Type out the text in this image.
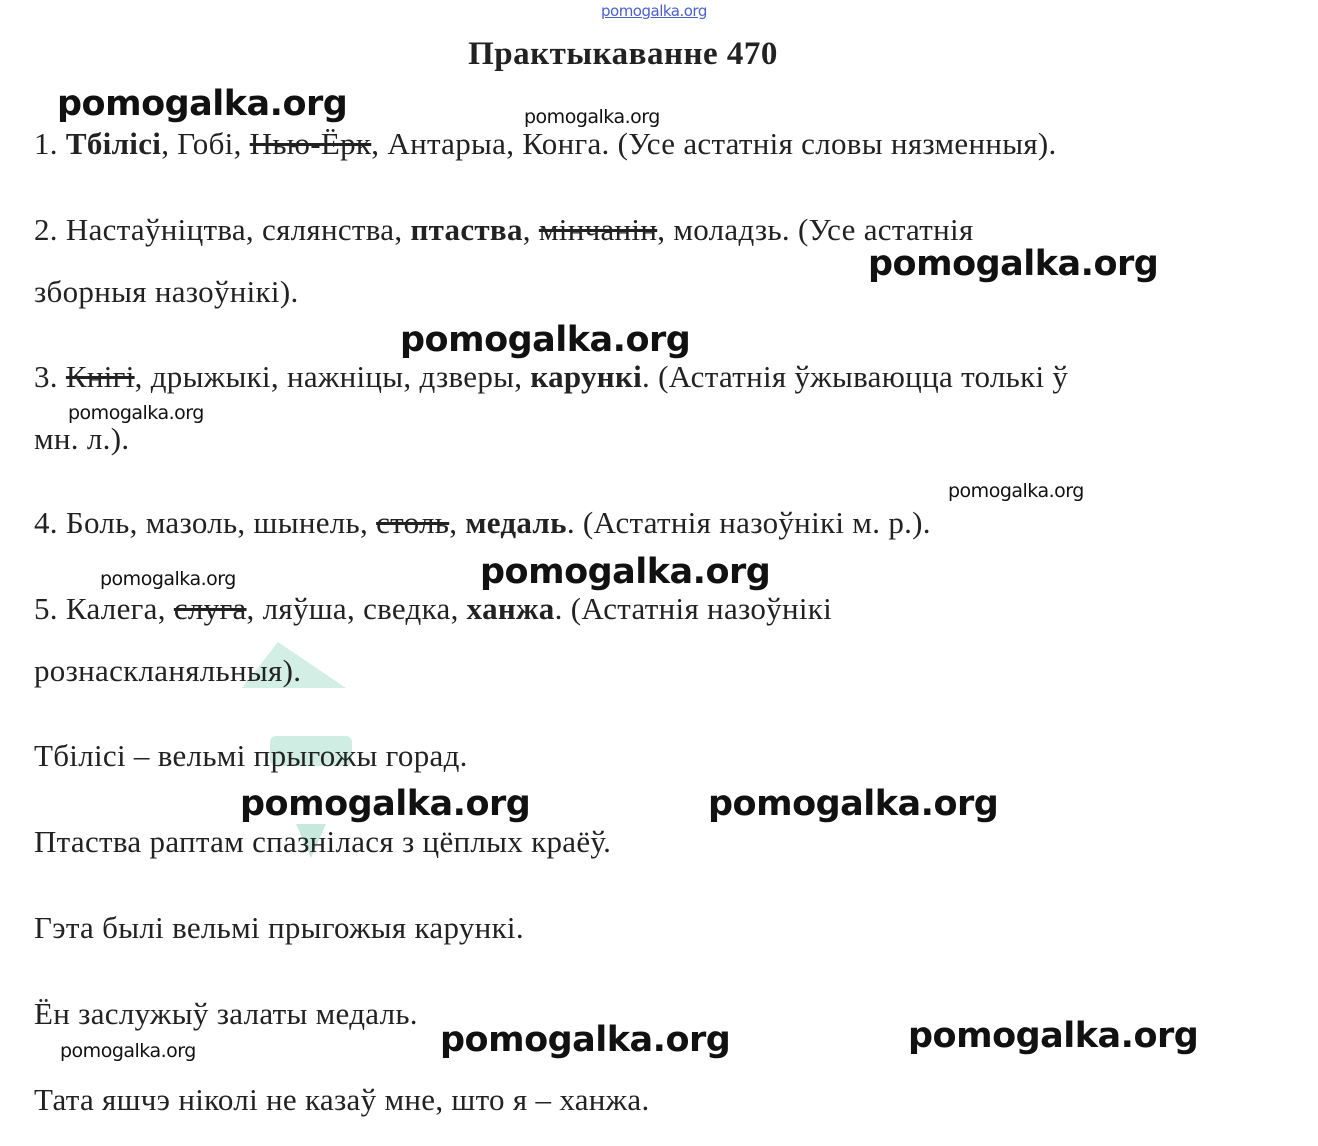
pomogalka.org
Практыкаванне 470
1. Тбілісі, Гобі, Нью-Ёрк, Антарыа, Конга. (Усе астатнія словы нязменныя).
2. Настаўніцтва, сялянства, птаства, мінчанін, моладзь. (Усе астатнія
зборныя назоўнікі).
3. Кнігі, дрыжыкі, нажніцы, дзверы, карункі. (Астатнія ўжываюцца толькі ў
мн. л.).
4. Боль, мазоль, шынель, столь, медаль. (Астатнія назоўнікі м. р.).
5. Калега, слуга, ляўша, сведка, ханжа. (Астатнія назоўнікі
рознаскланяльныя).
Тбілісі – вельмі прыгожы горад.
Птаства раптам спазнілася з цёплых краёў.
Гэта былі вельмі прыгожыя карункі.
Ён заслужыў залаты медаль.
Тата яшчэ ніколі не казаў мне, што я – ханжа.
pomogalka.org	pomogalka.org
pomogalka.org
pomogalka.org
pomogalka.org
pomogalka.org
pomogalka.org	pomogalka.org
pomogalka.org	pomogalka.org
pomogalka.org	pomogalka.org	pomogalka.org
